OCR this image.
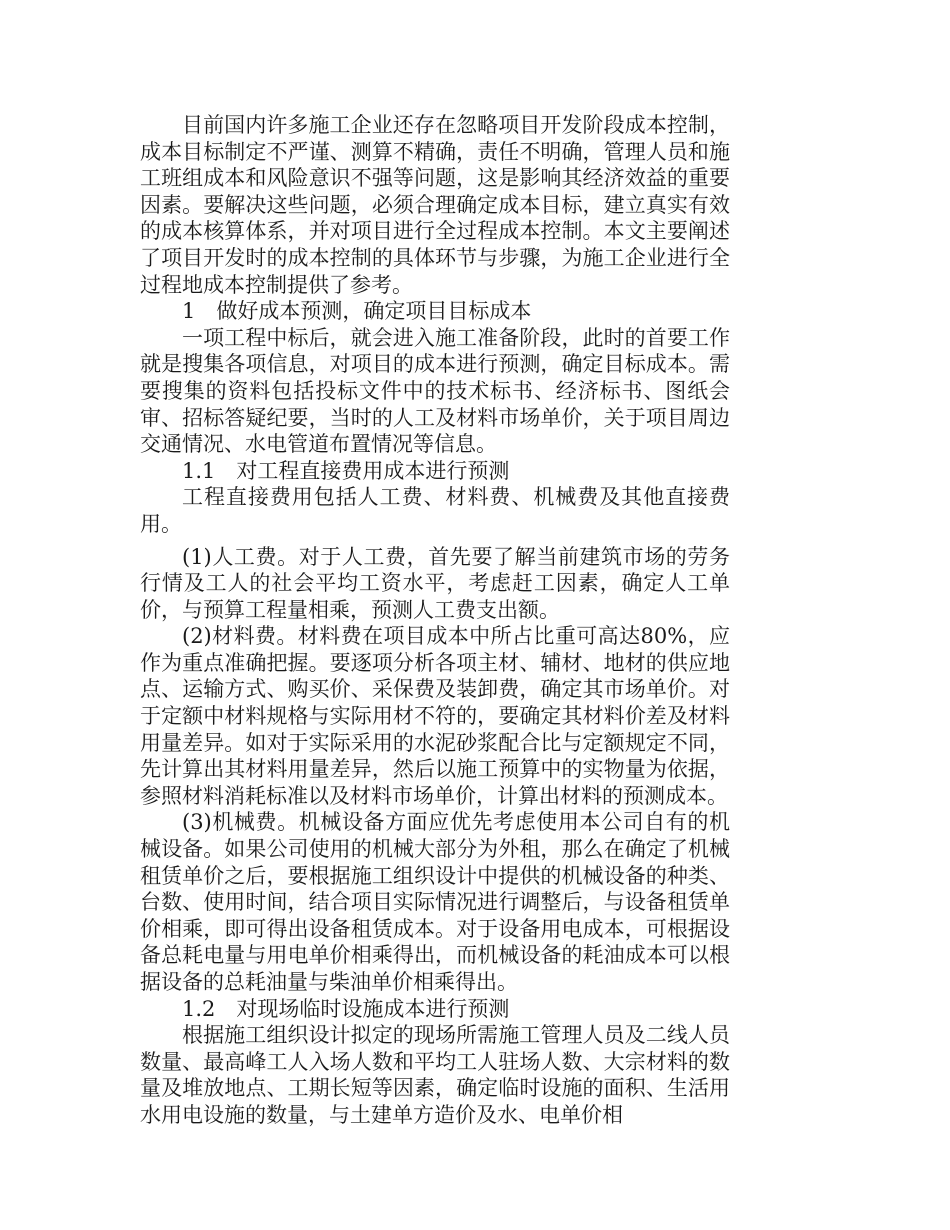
目前国内许多施工企业还存在忽略项目开发阶段成本控制，成本目标制定不严谨、测算不精确，责任不明确，管理人员和施工班组成本和风险意识不强等问题，这是影响其经济效益的重要因素。要解决这些问题，必须合理确定成本目标，建立真实有效的成本核算体系，并对项目进行全过程成本控制。本文主要阐述了项目开发时的成本控制的具体环节与步骤，为施工企业进行全过程地成本控制提供了参考。

1　做好成本预测，确定项目目标成本

一项工程中标后，就会进入施工准备阶段，此时的首要工作就是搜集各项信息，对项目的成本进行预测，确定目标成本。需要搜集的资料包括投标文件中的技术标书、经济标书、图纸会审、招标答疑纪要，当时的人工及材料市场单价，关于项目周边交通情况、水电管道布置情况等信息。

1.1　对工程直接费用成本进行预测

工程直接费用包括人工费、材料费、机械费及其他直接费用。

(1)人工费。对于人工费，首先要了解当前建筑市场的劳务行情及工人的社会平均工资水平，考虑赶工因素，确定人工单价，与预算工程量相乘，预测人工费支出额。

(2)材料费。材料费在项目成本中所占比重可高达80%，应作为重点准确把握。要逐项分析各项主材、辅材、地材的供应地点、运输方式、购买价、采保费及装卸费，确定其市场单价。对于定额中材料规格与实际用材不符的，要确定其材料价差及材料用量差异。如对于实际采用的水泥砂浆配合比与定额规定不同，先计算出其材料用量差异，然后以施工预算中的实物量为依据，参照材料消耗标准以及材料市场单价，计算出材料的预测成本。

(3)机械费。机械设备方面应优先考虑使用本公司自有的机械设备。如果公司使用的机械大部分为外租，那么在确定了机械租赁单价之后，要根据施工组织设计中提供的机械设备的种类、台数、使用时间，结合项目实际情况进行调整后，与设备租赁单价相乘，即可得出设备租赁成本。对于设备用电成本，可根据设备总耗电量与用电单价相乘得出，而机械设备的耗油成本可以根据设备的总耗油量与柴油单价相乘得出。

1.2　对现场临时设施成本进行预测

根据施工组织设计拟定的现场所需施工管理人员及二线人员数量、最高峰工人入场人数和平均工人驻场人数、大宗材料的数量及堆放地点、工期长短等因素，确定临时设施的面积、生活用水用电设施的数量，与土建单方造价及水、电单价相
